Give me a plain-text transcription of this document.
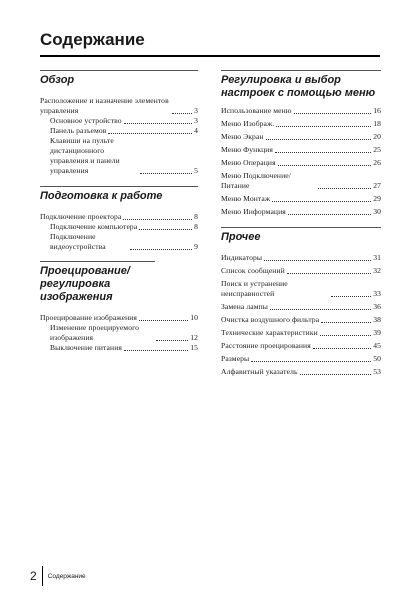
Содержание
Обзор
Расположение и назначение элементов управления	3
Основное устройство	3
Панель разъемов	4
Клавиши на пульте дистанционного управления и панели управления	5
Подготовка к работе
Подключение проектора	8
Подключение компьютера	8
Подключение видеоустройства	9
Проецирование/ регулировка изображения
Проецирование изображения	10
Изменение проецируемого изображения	12
Выключение питания	15
Регулировка и выбор настроек с помощью меню
Использование меню	16
Меню Изображ.	18
Меню Экран	20
Меню Функция	25
Меню Операция	26
Меню Подключение/ Питание	27
Меню Монтаж	29
Меню Информация	30
Прочее
Индикаторы	31
Список сообщений	32
Поиск и устранение неисправностей	33
Замена лампы	36
Очистка воздушного фильтра	38
Технические характеристики	39
Расстояние проецирования	45
Размеры	50
Алфавитный указатель	53
2	Содержание
